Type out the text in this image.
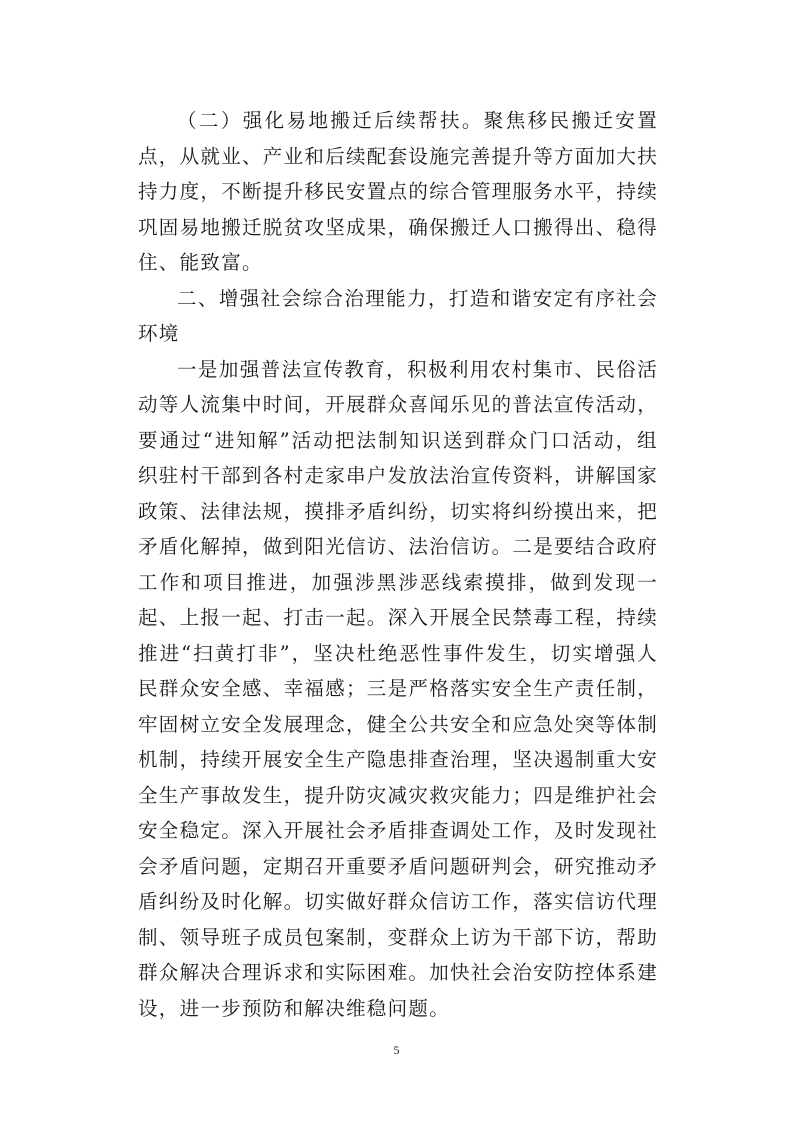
（二）强化易地搬迁后续帮扶。聚焦移民搬迁安置点，从就业、产业和后续配套设施完善提升等方面加大扶持力度，不断提升移民安置点的综合管理服务水平，持续巩固易地搬迁脱贫攻坚成果，确保搬迁人口搬得出、稳得住、能致富。

二、增强社会综合治理能力，打造和谐安定有序社会环境

一是加强普法宣传教育，积极利用农村集市、民俗活动等人流集中时间，开展群众喜闻乐见的普法宣传活动，要通过“进知解”活动把法制知识送到群众门口活动，组织驻村干部到各村走家串户发放法治宣传资料，讲解国家政策、法律法规，摸排矛盾纠纷，切实将纠纷摸出来，把矛盾化解掉，做到阳光信访、法治信访。二是要结合政府工作和项目推进，加强涉黑涉恶线索摸排，做到发现一起、上报一起、打击一起。深入开展全民禁毒工程，持续推进“扫黄打非”，坚决杜绝恶性事件发生，切实增强人民群众安全感、幸福感；三是严格落实安全生产责任制，牢固树立安全发展理念，健全公共安全和应急处突等体制机制，持续开展安全生产隐患排查治理，坚决遏制重大安全生产事故发生，提升防灾减灾救灾能力；四是维护社会安全稳定。深入开展社会矛盾排查调处工作，及时发现社会矛盾问题，定期召开重要矛盾问题研判会，研究推动矛盾纠纷及时化解。切实做好群众信访工作，落实信访代理制、领导班子成员包案制，变群众上访为干部下访，帮助群众解决合理诉求和实际困难。加快社会治安防控体系建设，进一步预防和解决维稳问题。

5
